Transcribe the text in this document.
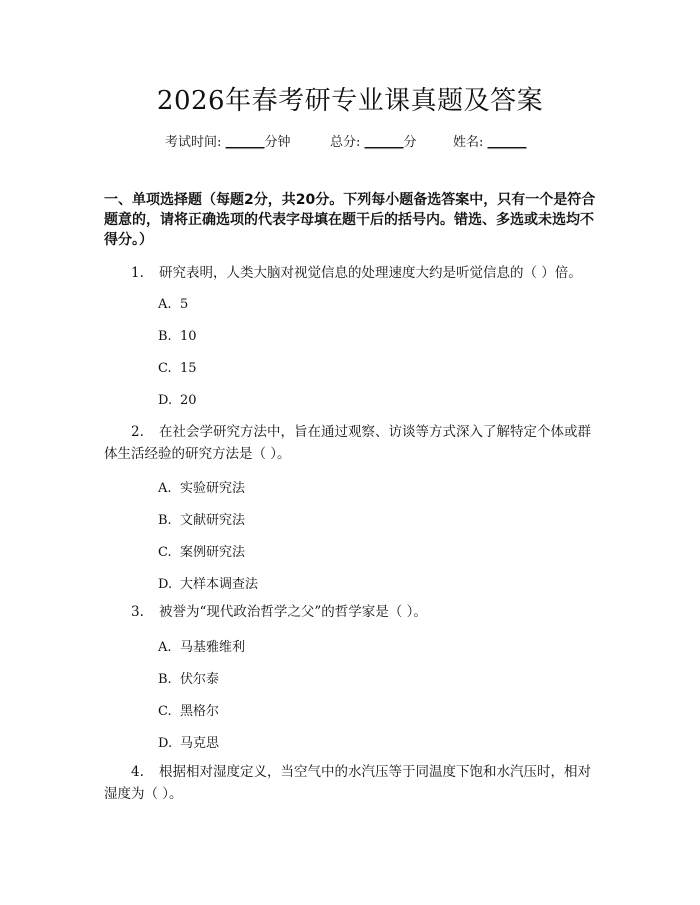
2026年春考研专业课真题及答案
考试时间: ______分钟	总分: ______分	姓名: ______
一、单项选择题（每题2分，共20分。下列每小题备选答案中，只有一个是符合题意的，请将正确选项的代表字母填在题干后的括号内。错选、多选或未选均不得分。）
1. 研究表明，人类大脑对视觉信息的处理速度大约是听觉信息的（ ）倍。
A. 5
B. 10
C. 15
D. 20
2. 在社会学研究方法中，旨在通过观察、访谈等方式深入了解特定个体或群体生活经验的研究方法是（ ）。
A. 实验研究法
B. 文献研究法
C. 案例研究法
D. 大样本调查法
3. 被誉为“现代政治哲学之父”的哲学家是（ ）。
A. 马基雅维利
B. 伏尔泰
C. 黑格尔
D. 马克思
4. 根据相对湿度定义，当空气中的水汽压等于同温度下饱和水汽压时，相对湿度为（ ）。
